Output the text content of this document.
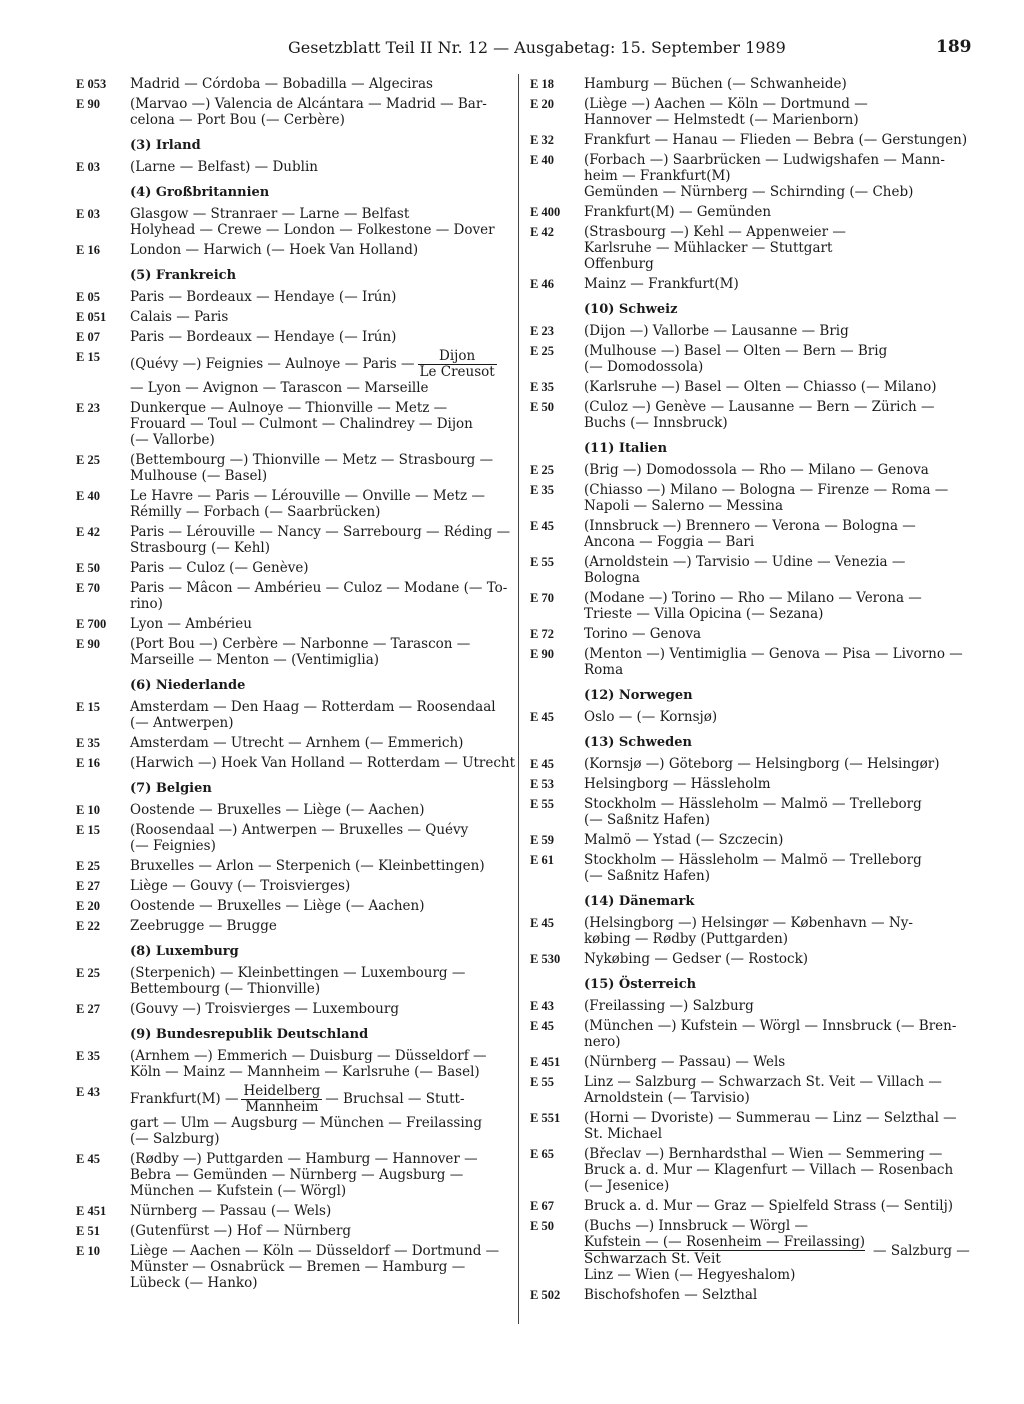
Gesetzblatt Teil II Nr. 12 — Ausgabetag: 15. September 1989	189
E 053 Madrid — Córdoba — Bobadilla — Algeciras
E 90 (Marvao —) Valencia de Alcántara — Madrid — Bar-
celona — Port Bou (— Cerbère)
(3) Irland
E 03 (Larne — Belfast) — Dublin
(4) Großbritannien
E 03 Glasgow — Stranraer — Larne — Belfast
Holyhead — Crewe — London — Folkestone — Dover
E 16 London — Harwich (— Hoek Van Holland)
(5) Frankreich
E 05 Paris — Bordeaux — Hendaye (— Irún)
E 051 Calais — Paris
E 07 Paris — Bordeaux — Hendaye (— Irún)
E 15 (Quévy —) Feignies — Aulnoye — Paris — $\frac{\text{Dijon}}{\text{Le Creusot}}$
— Lyon — Avignon — Tarascon — Marseille
E 23 Dunkerque — Aulnoye — Thionville — Metz —
Frouard — Toul — Culmont — Chalindrey — Dijon
(— Vallorbe)
E 25 (Bettembourg —) Thionville — Metz — Strasbourg —
Mulhouse (— Basel)
E 40 Le Havre — Paris — Lérouville — Onville — Metz —
Rémilly — Forbach (— Saarbrücken)
E 42 Paris — Lérouville — Nancy — Sarrebourg — Réding —
Strasbourg (— Kehl)
E 50 Paris — Culoz (— Genève)
E 70 Paris — Mâcon — Ambérieu — Culoz — Modane (— To-
rino)
E 700 Lyon — Ambérieu
E 90 (Port Bou —) Cerbère — Narbonne — Tarascon —
Marseille — Menton — (Ventimiglia)
(6) Niederlande
E 15 Amsterdam — Den Haag — Rotterdam — Roosendaal
(— Antwerpen)
E 35 Amsterdam — Utrecht — Arnhem (— Emmerich)
E 16 (Harwich —) Hoek Van Holland — Rotterdam — Utrecht
(7) Belgien
E 10 Oostende — Bruxelles — Liège (— Aachen)
E 15 (Roosendaal —) Antwerpen — Bruxelles — Quévy
(— Feignies)
E 25 Bruxelles — Arlon — Sterpenich (— Kleinbettingen)
E 27 Liège — Gouvy (— Troisvierges)
E 20 Oostende — Bruxelles — Liège (— Aachen)
E 22 Zeebrugge — Brugge
(8) Luxemburg
E 25 (Sterpenich) — Kleinbettingen — Luxembourg —
Bettembourg (— Thionville)
E 27 (Gouvy —) Troisvierges — Luxembourg
(9) Bundesrepublik Deutschland
E 35 (Arnhem —) Emmerich — Duisburg — Düsseldorf —
Köln — Mainz — Mannheim — Karlsruhe (— Basel)
E 43 Frankfurt(M) — $\frac{\text{Heidelberg}}{\text{Mannheim}}$ — Bruchsal — Stutt-
gart — Ulm — Augsburg — München — Freilassing
(— Salzburg)
E 45 (Rødby —) Puttgarden — Hamburg — Hannover —
Bebra — Gemünden — Nürnberg — Augsburg —
München — Kufstein (— Wörgl)
E 451 Nürnberg — Passau (— Wels)
E 51 (Gutenfürst —) Hof — Nürnberg
E 10 Liège — Aachen — Köln — Düsseldorf — Dortmund —
Münster — Osnabrück — Bremen — Hamburg —
Lübeck (— Hanko)
E 18 Hamburg — Büchen (— Schwanheide)
E 20 (Liège —) Aachen — Köln — Dortmund —
Hannover — Helmstedt (— Marienborn)
E 32 Frankfurt — Hanau — Flieden — Bebra (— Gerstungen)
E 40 (Forbach —) Saarbrücken — Ludwigshafen — Mann-
heim — Frankfurt(M)
Gemünden — Nürnberg — Schirnding (— Cheb)
E 400 Frankfurt(M) — Gemünden
E 42 (Strasbourg —) Kehl — Appenweier —
Karlsruhe — Mühlacker — Stuttgart
Offenburg
E 46 Mainz — Frankfurt(M)
(10) Schweiz
E 23 (Dijon —) Vallorbe — Lausanne — Brig
E 25 (Mulhouse —) Basel — Olten — Bern — Brig
(— Domodossola)
E 35 (Karlsruhe —) Basel — Olten — Chiasso (— Milano)
E 50 (Culoz —) Genève — Lausanne — Bern — Zürich —
Buchs (— Innsbruck)
(11) Italien
E 25 (Brig —) Domodossola — Rho — Milano — Genova
E 35 (Chiasso —) Milano — Bologna — Firenze — Roma —
Napoli — Salerno — Messina
E 45 (Innsbruck —) Brennero — Verona — Bologna —
Ancona — Foggia — Bari
E 55 (Arnoldstein —) Tarvisio — Udine — Venezia —
Bologna
E 70 (Modane —) Torino — Rho — Milano — Verona —
Trieste — Villa Opicina (— Sezana)
E 72 Torino — Genova
E 90 (Menton —) Ventimiglia — Genova — Pisa — Livorno —
Roma
(12) Norwegen
E 45 Oslo — (— Kornsjø)
(13) Schweden
E 45 (Kornsjø —) Göteborg — Helsingborg (— Helsingør)
E 53 Helsingborg — Hässleholm
E 55 Stockholm — Hässleholm — Malmö — Trelleborg
(— Saßnitz Hafen)
E 59 Malmö — Ystad (— Szczecin)
E 61 Stockholm — Hässleholm — Malmö — Trelleborg
(— Saßnitz Hafen)
(14) Dänemark
E 45 (Helsingborg —) Helsingør — København — Ny-
købing — Rødby (Puttgarden)
E 530 Nykøbing — Gedser (— Rostock)
(15) Österreich
E 43 (Freilassing —) Salzburg
E 45 (München —) Kufstein — Wörgl — Innsbruck (— Bren-
nero)
E 451 (Nürnberg — Passau) — Wels
E 55 Linz — Salzburg — Schwarzach St. Veit — Villach —
Arnoldstein (— Tarvisio)
E 551 (Horni — Dvoriste) — Summerau — Linz — Selzthal —
St. Michael
E 65 (Břeclav —) Bernhardsthal — Wien — Semmering —
Bruck a. d. Mur — Klagenfurt — Villach — Rosenbach
(— Jesenice)
E 67 Bruck a. d. Mur — Graz — Spielfeld Strass (— Sentilj)
E 50 (Buchs —) Innsbruck — Wörgl —
Kufstein — (— Rosenheim — Freilassing)
Schwarzach St. Veit
— Salzburg —
Linz — Wien (— Hegyeshalom)
E 502 Bischofshofen — Selzthal
